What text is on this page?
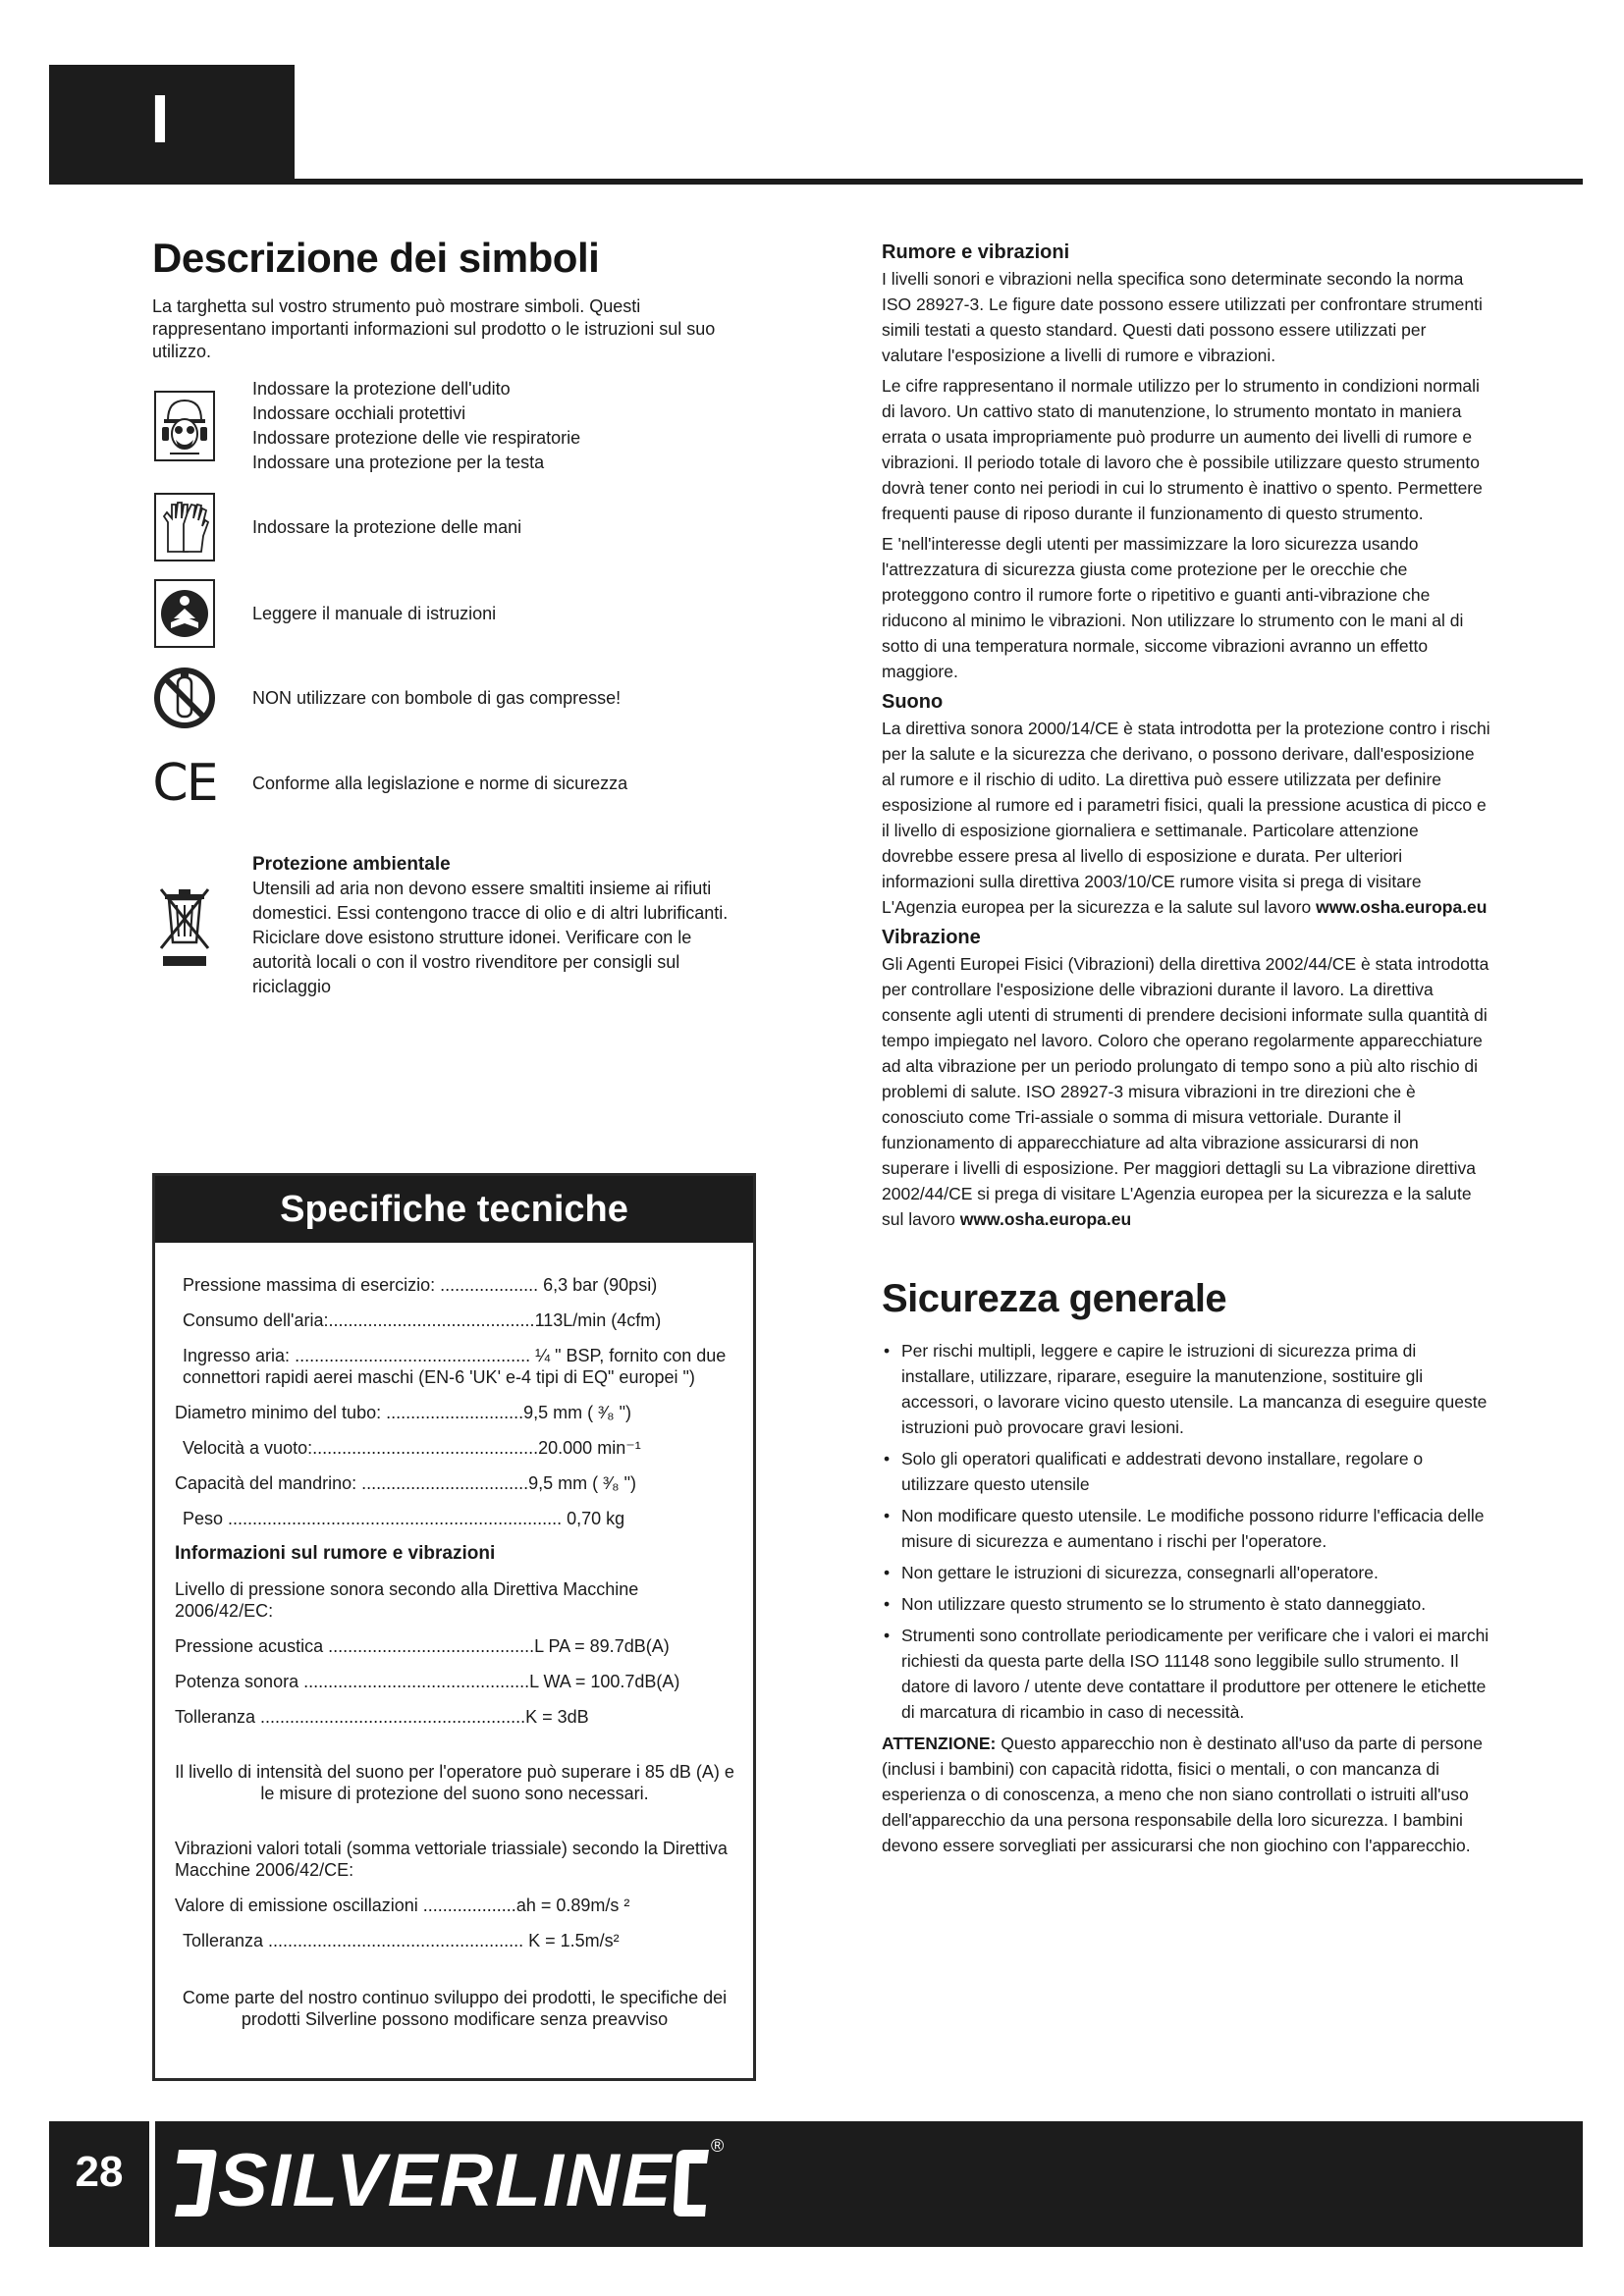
I
Descrizione dei simboli
La targhetta sul vostro strumento può mostrare simboli. Questi rappresentano importanti informazioni sul prodotto o le istruzioni sul suo utilizzo.
Indossare la protezione dell'udito
Indossare occhiali protettivi
Indossare protezione delle vie respiratorie
Indossare una protezione per la testa
Indossare la protezione delle mani
Leggere il manuale di istruzioni
NON utilizzare con bombole di gas compresse!
CE Conforme alla legislazione e norme di sicurezza
Protezione ambientale
Utensili ad aria non devono essere smaltiti insieme ai rifiuti domestici. Essi contengono tracce di olio e di altri lubrificanti. Riciclare dove esistono strutture idonei. Verificare con le autorità locali o con il vostro rivenditore per consigli sul riciclaggio
Specifiche tecniche
Pressione massima di esercizio: .................... 6,3 bar (90psi)
Consumo dell'aria:..........................................113L/min (4cfm)
Ingresso aria: ................................................ ¼ " BSP, fornito con due connettori rapidi aerei maschi (EN-6 'UK' e-4 tipi di EQ" europei ")
Diametro minimo del tubo: ............................9,5 mm ( ³⁄₈ ")
Velocità a vuoto:..............................................20.000 min⁻¹
Capacità del mandrino: ..................................9,5 mm ( ³⁄₈ ")
Peso .................................................................... 0,70 kg
Informazioni sul rumore e vibrazioni
Livello di pressione sonora secondo alla Direttiva Macchine 2006/42/EC:
Pressione acustica ..........................................L PA = 89.7dB(A)
Potenza sonora ..............................................L WA = 100.7dB(A)
Tolleranza ......................................................K = 3dB
Il livello di intensità del suono per l'operatore può superare i 85 dB (A) e le misure di protezione del suono sono necessari.
Vibrazioni valori totali (somma vettoriale triassiale) secondo la Direttiva Macchine 2006/42/CE:
Valore di emissione oscillazioni ...................ah = 0.89m/s ²
Tolleranza .................................................... K = 1.5m/s²
Come parte del nostro continuo sviluppo dei prodotti, le specifiche dei prodotti Silverline possono modificare senza preavviso
Rumore e vibrazioni

I livelli sonori e vibrazioni nella specifica sono determinate secondo la norma ISO 28927-3. Le figure date possono essere utilizzati per confrontare strumenti simili testati a questo standard. Questi dati possono essere utilizzati per valutare l'esposizione a livelli di rumore e vibrazioni.

Le cifre rappresentano il normale utilizzo per lo strumento in condizioni normali di lavoro. Un cattivo stato di manutenzione, lo strumento montato in maniera errata o usata impropriamente può produrre un aumento dei livelli di rumore e vibrazioni. Il periodo totale di lavoro che è possibile utilizzare questo strumento dovrà tener conto nei periodi in cui lo strumento è inattivo o spento. Permettere frequenti pause di riposo durante il funzionamento di questo strumento.

E 'nell'interesse degli utenti per massimizzare la loro sicurezza usando l'attrezzatura di sicurezza giusta come protezione per le orecchie che proteggono contro il rumore forte o ripetitivo e guanti anti-vibrazione che riducono al minimo le vibrazioni. Non utilizzare lo strumento con le mani al di sotto di una temperatura normale, siccome vibrazioni avranno un effetto maggiore.

Suono

La direttiva sonora 2000/14/CE è stata introdotta per la protezione contro i rischi per la salute e la sicurezza che derivano, o possono derivare, dall'esposizione al rumore e il rischio di udito. La direttiva può essere utilizzata per definire esposizione al rumore ed i parametri fisici, quali la pressione acustica di picco e il livello di esposizione giornaliera e settimanale. Particolare attenzione dovrebbe essere presa al livello di esposizione e durata. Per ulteriori informazioni sulla direttiva 2003/10/CE rumore visita si prega di visitare L'Agenzia europea per la sicurezza e la salute sul lavoro www.osha.europa.eu

Vibrazione

Gli Agenti Europei Fisici (Vibrazioni) della direttiva 2002/44/CE è stata introdotta per controllare l'esposizione delle vibrazioni durante il lavoro. La direttiva consente agli utenti di strumenti di prendere decisioni informate sulla quantità di tempo impiegato nel lavoro. Coloro che operano regolarmente apparecchiature ad alta vibrazione per un periodo prolungato di tempo sono a più alto rischio di problemi di salute. ISO 28927-3 misura vibrazioni in tre direzioni che è conosciuto come Tri-assiale o somma di misura vettoriale. Durante il funzionamento di apparecchiature ad alta vibrazione assicurarsi di non superare i livelli di esposizione. Per maggiori dettagli su La vibrazione direttiva 2002/44/CE si prega di visitare L'Agenzia europea per la sicurezza e la salute sul lavoro www.osha.europa.eu

Sicurezza generale
• Per rischi multipli, leggere e capire le istruzioni di sicurezza prima di installare, utilizzare, riparare, eseguire la manutenzione, sostituire gli accessori, o lavorare vicino questo utensile. La mancanza di eseguire queste istruzioni può provocare gravi lesioni.
• Solo gli operatori qualificati e addestrati devono installare, regolare o utilizzare questo utensile
• Non modificare questo utensile. Le modifiche possono ridurre l'efficacia delle misure di sicurezza e aumentano i rischi per l'operatore.
• Non gettare le istruzioni di sicurezza, consegnarli all'operatore.
• Non utilizzare questo strumento se lo strumento è stato danneggiato.
• Strumenti sono controllate periodicamente per verificare che i valori ei marchi richiesti da questa parte della ISO 11148 sono leggibile sullo strumento. Il datore di lavoro / utente deve contattare il produttore per ottenere le etichette di marcatura di ricambio in caso di necessità.

ATTENZIONE: Questo apparecchio non è destinato all'uso da parte di persone (inclusi i bambini) con capacità ridotta, fisici o mentali, o con mancanza di esperienza o di conoscenza, a meno che non siano controllati o istruiti all'uso dell'apparecchio da una persona responsabile della loro sicurezza. I bambini devono essere sorvegliati per assicurarsi che non giochino con l'apparecchio.

28	SILVERLINE ®
